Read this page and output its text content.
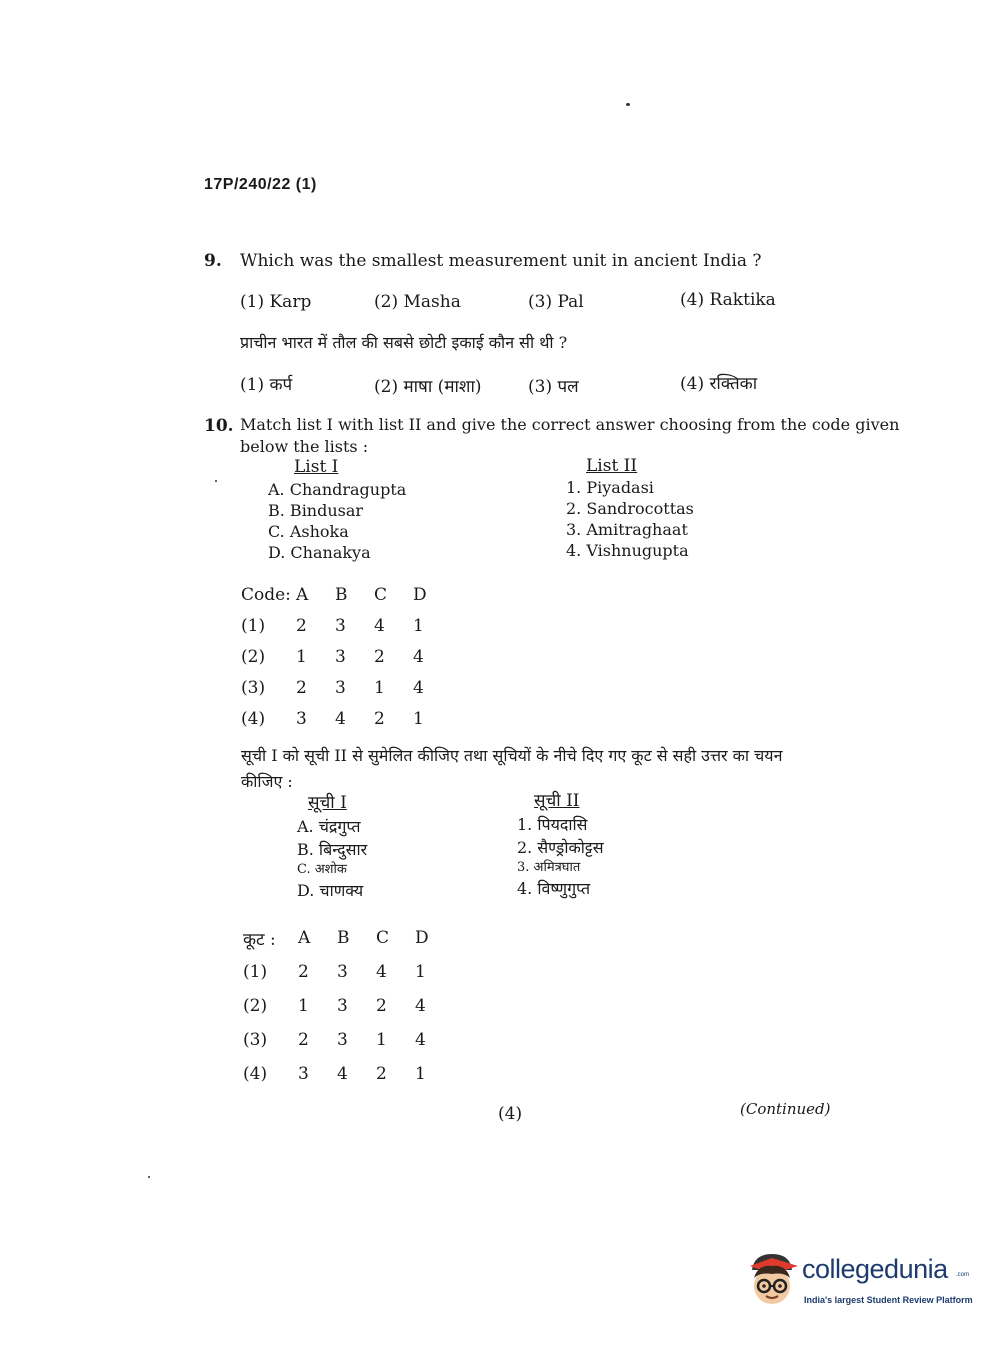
17P/240/22 (1)
9. Which was the smallest measurement unit in ancient India ?
(1) Karp	(2) Masha	(3) Pal	(4) Raktika
प्राचीन भारत में तौल की सबसे छोटी इकाई कौन सी थी ?
(1) कर्प	(2) माषा (माशा)	(3) पल	(4) रक्तिका
10. Match list I with list II and give the correct answer choosing from the code given
below the lists :
List I
A. Chandragupta
B. Bindusar
C. Ashoka
D. Chanakya
List II
1. Piyadasi
2. Sandrocottas
3. Amitraghaat
4. Vishnugupta
Code:	A	B	C	D
(1)	2	3	4	1
(2)	1	3	2	4
(3)	2	3	1	4
(4)	3	4	2	1
सूची I को सूची II से सुमेलित कीजिए तथा सूचियों के नीचे दिए गए कूट से सही उत्तर का चयन
कीजिए :
सूची I
A. चंद्रगुप्त
B. बिन्दुसार
C. अशोक
D. चाणक्य
सूची II
1. पियदासि
2. सैण्ड्रोकोट्टस
3. अमित्रघात
4. विष्णुगुप्त
कूट :	A	B	C	D
(1)	2	3	4	1
(2)	1	3	2	4
(3)	2	3	1	4
(4)	3	4	2	1
(4)	(Continued)
collegedunia .com
India's largest Student Review Platform
